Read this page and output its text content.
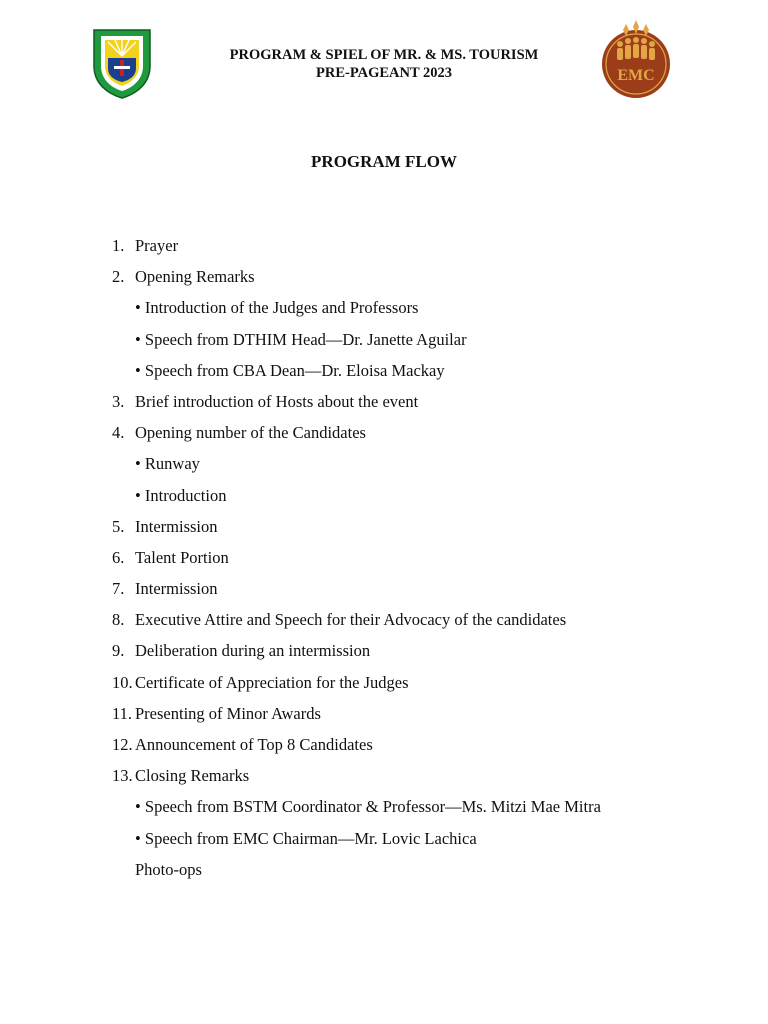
PROGRAM & SPIEL OF MR. & MS. TOURISM
PRE-PAGEANT 2023	EMC
PROGRAM FLOW
1. Prayer
2. Opening Remarks
• Introduction of the Judges and Professors
• Speech from DTHIM Head—Dr. Janette Aguilar
• Speech from CBA Dean—Dr. Eloisa Mackay
3. Brief introduction of Hosts about the event
4. Opening number of the Candidates
• Runway
• Introduction
5. Intermission
6. Talent Portion
7. Intermission
8. Executive Attire and Speech for their Advocacy of the candidates
9. Deliberation during an intermission
10. Certificate of Appreciation for the Judges
11. Presenting of Minor Awards
12. Announcement of Top 8 Candidates
13. Closing Remarks
• Speech from BSTM Coordinator & Professor—Ms. Mitzi Mae Mitra
• Speech from EMC Chairman—Mr. Lovic Lachica
Photo-ops
